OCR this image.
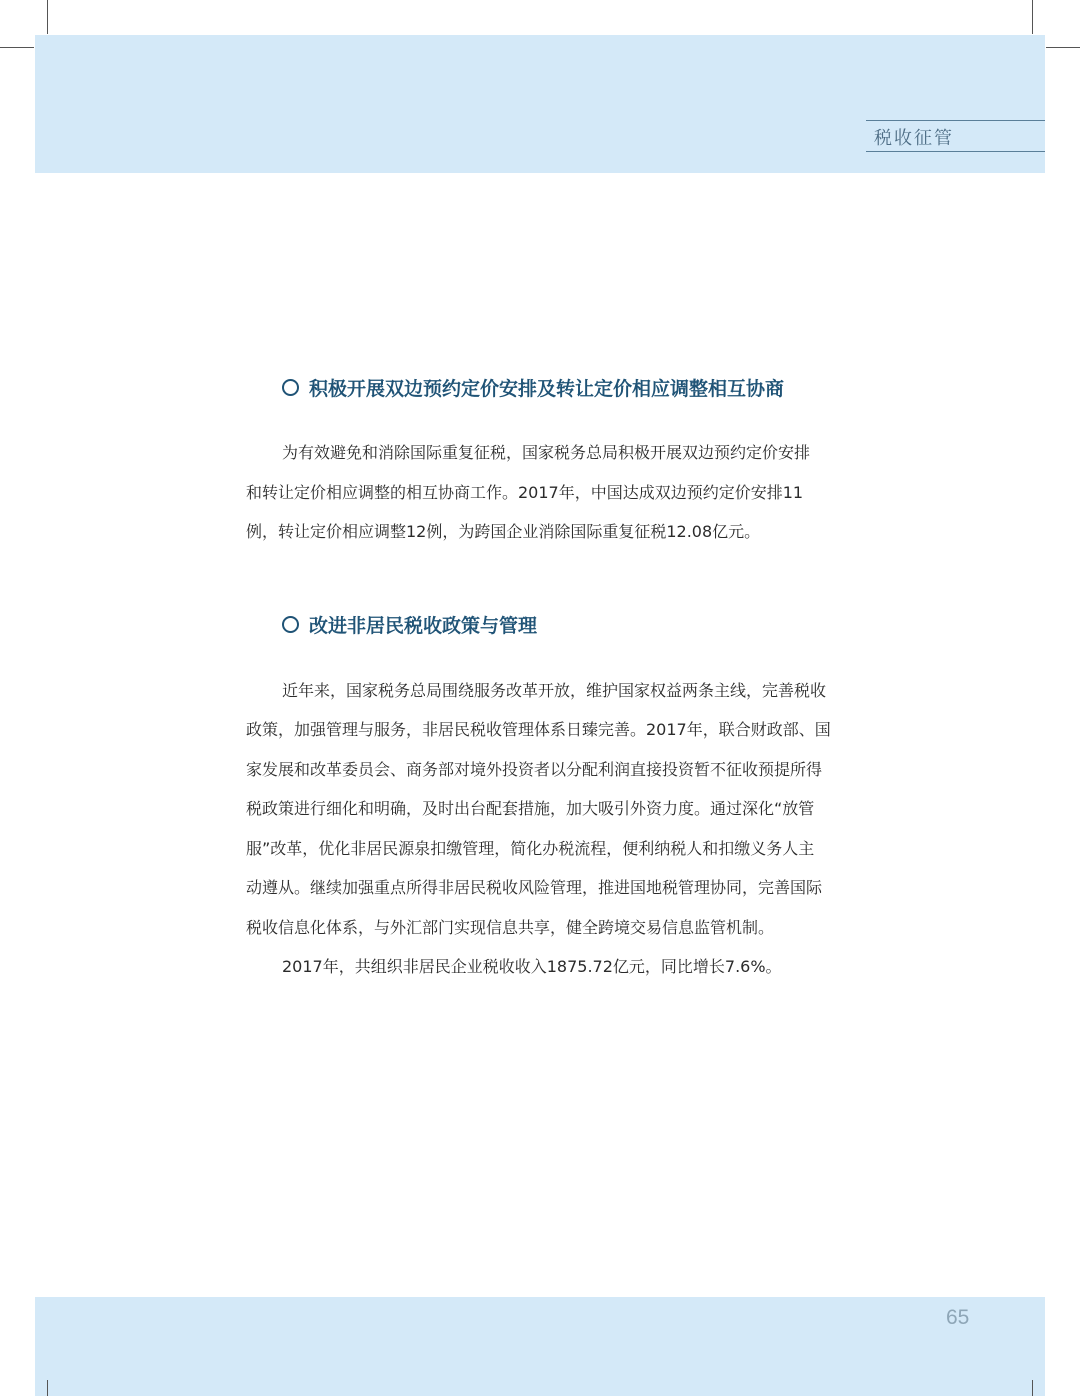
税收征管
积极开展双边预约定价安排及转让定价相应调整相互协商
为有效避免和消除国际重复征税，国家税务总局积极开展双边预约定价安排
和转让定价相应调整的相互协商工作。2017年，中国达成双边预约定价安排11
例，转让定价相应调整12例，为跨国企业消除国际重复征税12.08亿元。
改进非居民税收政策与管理
近年来，国家税务总局围绕服务改革开放，维护国家权益两条主线，完善税收
政策，加强管理与服务，非居民税收管理体系日臻完善。2017年，联合财政部、国
家发展和改革委员会、商务部对境外投资者以分配利润直接投资暂不征收预提所得
税政策进行细化和明确，及时出台配套措施，加大吸引外资力度。通过深化“放管
服”改革，优化非居民源泉扣缴管理，简化办税流程，便利纳税人和扣缴义务人主
动遵从。继续加强重点所得非居民税收风险管理，推进国地税管理协同，完善国际
税收信息化体系，与外汇部门实现信息共享，健全跨境交易信息监管机制。
2017年，共组织非居民企业税收收入1875.72亿元，同比增长7.6%。
65
